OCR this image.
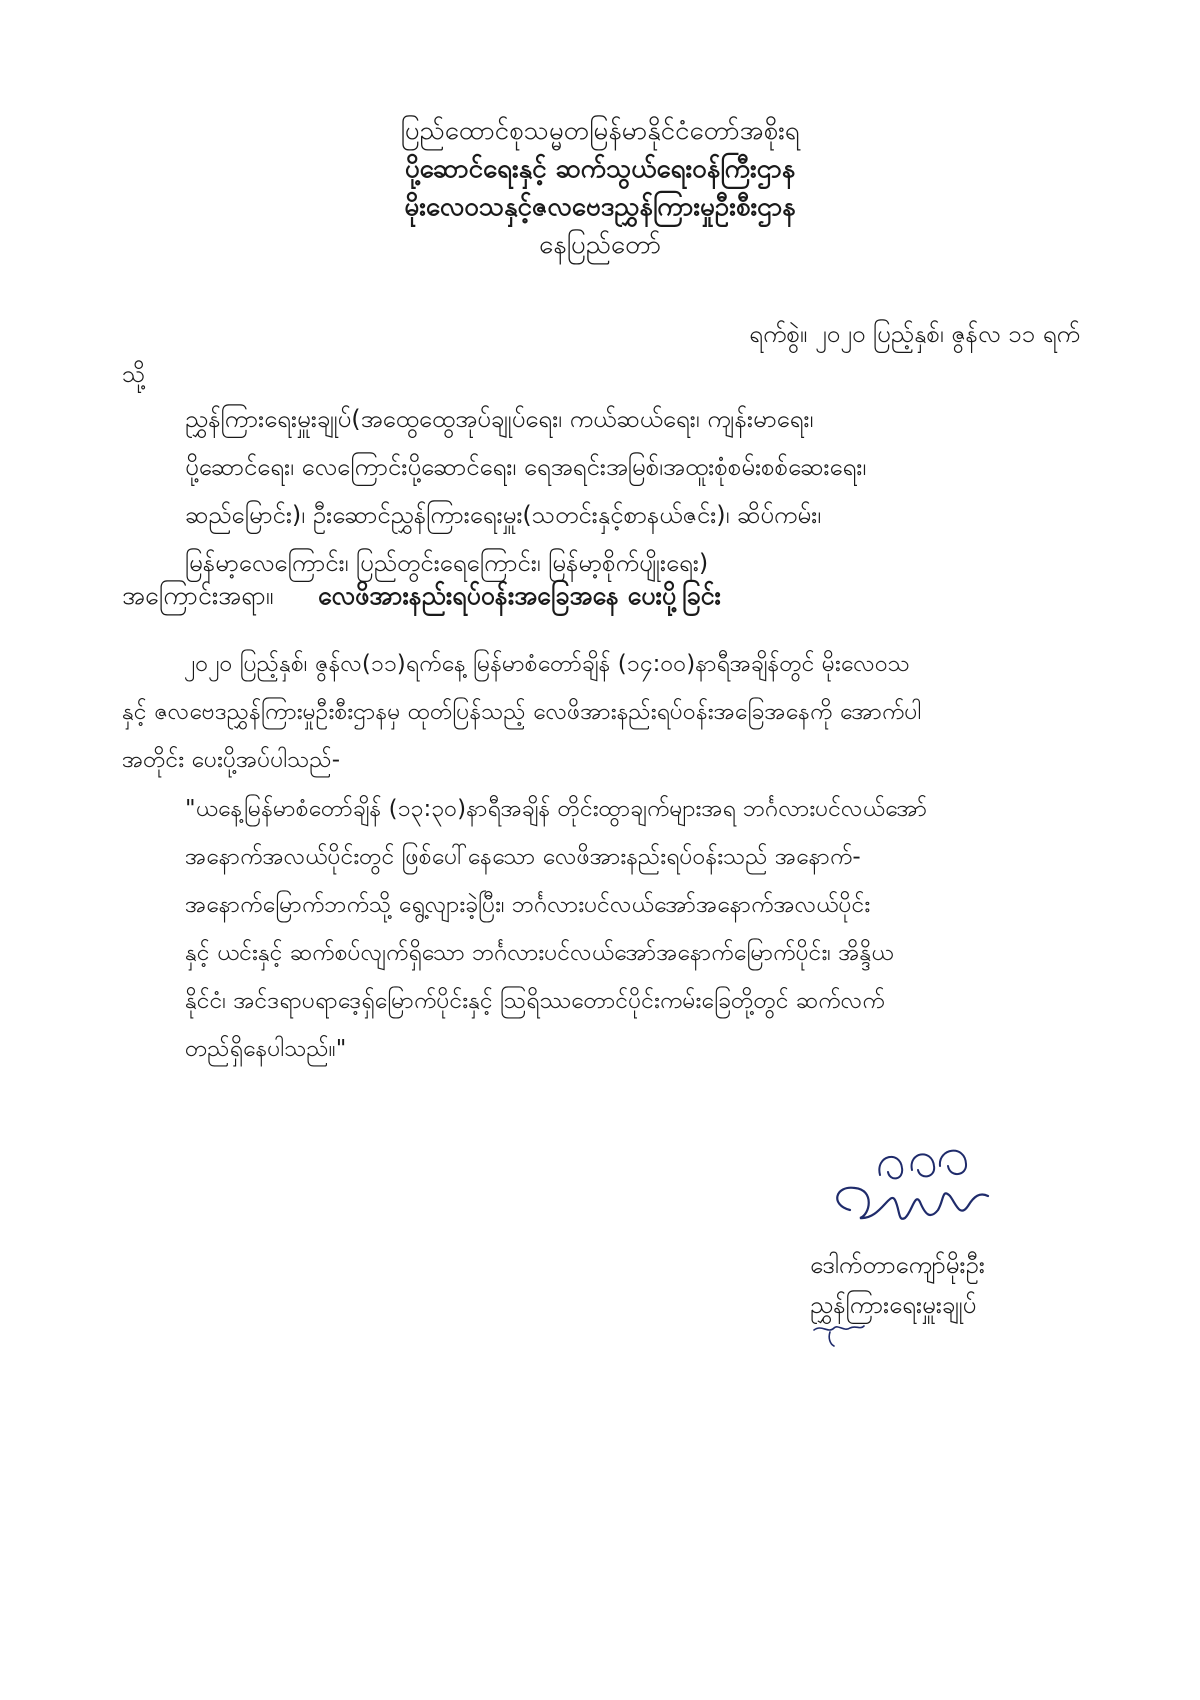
ပြည်ထောင်စုသမ္မတမြန်မာနိုင်ငံတော်အစိုးရ
ပို့ဆောင်ရေးနှင့် ဆက်သွယ်ရေးဝန်ကြီးဌာန
မိုးလေဝသနှင့်ဇလဗေဒညွှန်ကြားမှုဦးစီးဌာန
နေပြည်တော်
ရက်စွဲ။ ၂၀၂၀ ပြည့်နှစ်၊ ဇွန်လ ၁၁ ရက်
သို့
ညွှန်ကြားရေးမှူးချုပ်(အထွေထွေအုပ်ချုပ်ရေး၊ ကယ်ဆယ်ရေး၊ ကျန်းမာရေး၊
ပို့ဆောင်ရေး၊ လေကြောင်းပို့ဆောင်ရေး၊ ရေအရင်းအမြစ်၊အထူးစုံစမ်းစစ်ဆေးရေး၊
ဆည်မြောင်း)၊ ဦးဆောင်ညွှန်ကြားရေးမှူး(သတင်းနှင့်စာနယ်ဇင်း)၊ ဆိပ်ကမ်း၊
မြန်မာ့လေကြောင်း၊ ပြည်တွင်းရေကြောင်း၊ မြန်မာ့စိုက်ပျိုးရေး)
အကြောင်းအရာ။ လေဖိအားနည်းရပ်ဝန်းအခြေအနေ ပေးပို့ခြင်း
၂၀၂၀ ပြည့်နှစ်၊ ဇွန်လ(၁၁)ရက်နေ့ မြန်မာစံတော်ချိန် (၁၄:၀၀)နာရီအချိန်တွင် မိုးလေဝသ
နှင့် ဇလဗေဒညွှန်ကြားမှုဦးစီးဌာနမှ ထုတ်ပြန်သည့် လေဖိအားနည်းရပ်ဝန်းအခြေအနေကို အောက်ပါ
အတိုင်း ပေးပို့အပ်ပါသည်-
"ယနေ့မြန်မာစံတော်ချိန် (၁၃:၃၀)နာရီအချိန် တိုင်းထွာချက်များအရ ဘင်္ဂလားပင်လယ်အော်
အနောက်အလယ်ပိုင်းတွင် ဖြစ်ပေါ်နေသော လေဖိအားနည်းရပ်ဝန်းသည် အနောက်-
အနောက်မြောက်ဘက်သို့ ရွေ့လျားခဲ့ပြီး၊ ဘင်္ဂလားပင်လယ်အော်အနောက်အလယ်ပိုင်း
နှင့် ယင်းနှင့် ဆက်စပ်လျက်ရှိသော ဘင်္ဂလားပင်လယ်အော်အနောက်မြောက်ပိုင်း၊ အိန္ဒိယ
နိုင်ငံ၊ အင်ဒရာပရာဒေ့ရှ်မြောက်ပိုင်းနှင့် သြရိဿတောင်ပိုင်းကမ်းခြေတို့တွင် ဆက်လက်
တည်ရှိနေပါသည်။"
ဒေါက်တာကျော်မိုးဦး
ညွှန်ကြားရေးမှူးချုပ်
